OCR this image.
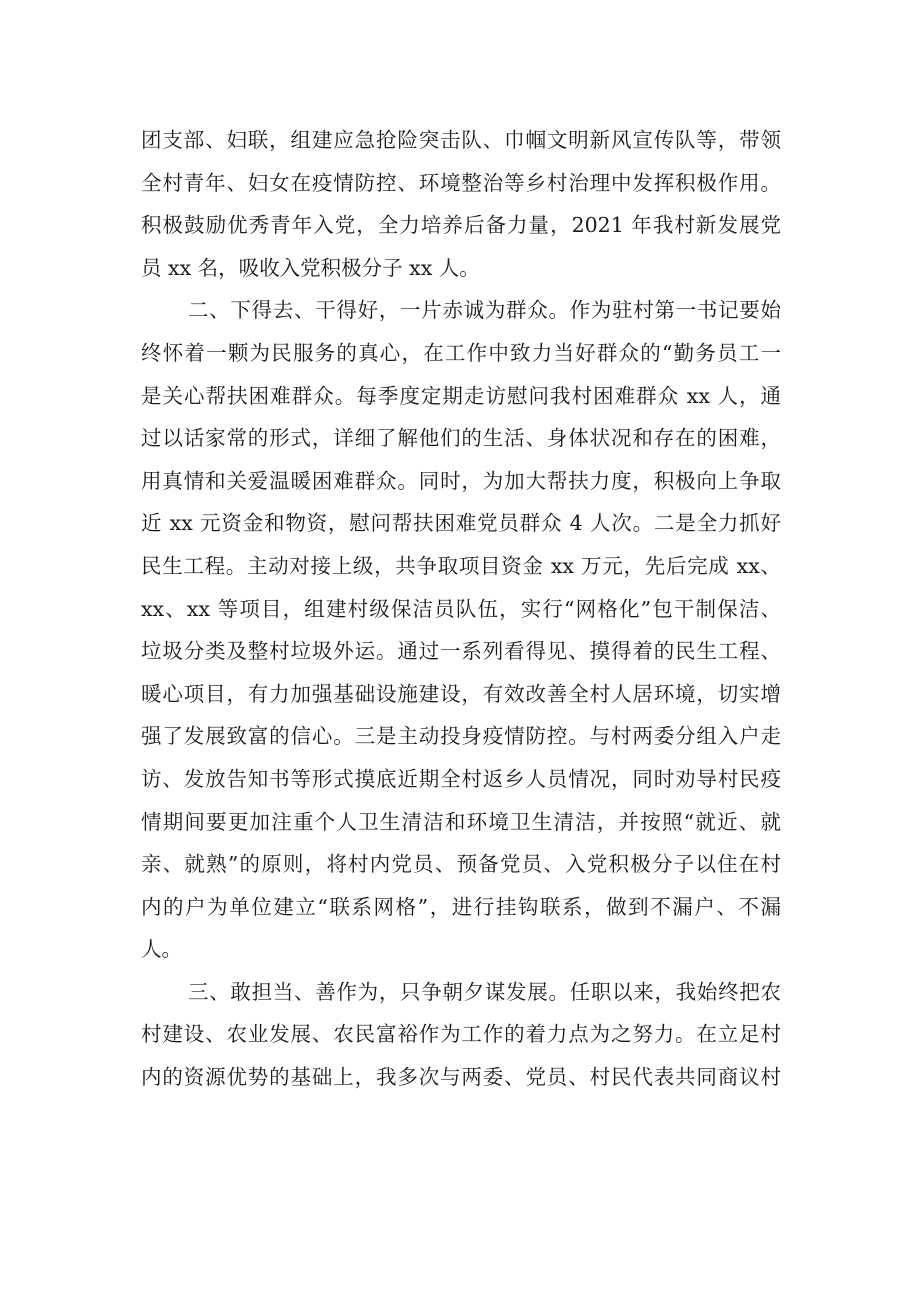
团支部、妇联，组建应急抢险突击队、巾帼文明新风宣传队等，带领
全村青年、妇女在疫情防控、环境整治等乡村治理中发挥积极作用。
积极鼓励优秀青年入党，全力培养后备力量，2021 年我村新发展党
员 xx 名，吸收入党积极分子 xx 人。
二、下得去、干得好，一片赤诚为群众。作为驻村第一书记要始
终怀着一颗为民服务的真心，在工作中致力当好群众的“勤务员工一
是关心帮扶困难群众。每季度定期走访慰问我村困难群众 xx 人，通
过以话家常的形式，详细了解他们的生活、身体状况和存在的困难，
用真情和关爱温暖困难群众。同时，为加大帮扶力度，积极向上争取
近 xx 元资金和物资，慰问帮扶困难党员群众 4 人次。二是全力抓好
民生工程。主动对接上级，共争取项目资金 xx 万元，先后完成 xx、
xx、xx 等项目，组建村级保洁员队伍，实行“网格化”包干制保洁、
垃圾分类及整村垃圾外运。通过一系列看得见、摸得着的民生工程、
暖心项目，有力加强基础设施建设，有效改善全村人居环境，切实增
强了发展致富的信心。三是主动投身疫情防控。与村两委分组入户走
访、发放告知书等形式摸底近期全村返乡人员情况，同时劝导村民疫
情期间要更加注重个人卫生清洁和环境卫生清洁，并按照“就近、就
亲、就熟”的原则，将村内党员、预备党员、入党积极分子以住在村
内的户为单位建立“联系网格”，进行挂钩联系，做到不漏户、不漏
人。
三、敢担当、善作为，只争朝夕谋发展。任职以来，我始终把农
村建设、农业发展、农民富裕作为工作的着力点为之努力。在立足村
内的资源优势的基础上，我多次与两委、党员、村民代表共同商议村
